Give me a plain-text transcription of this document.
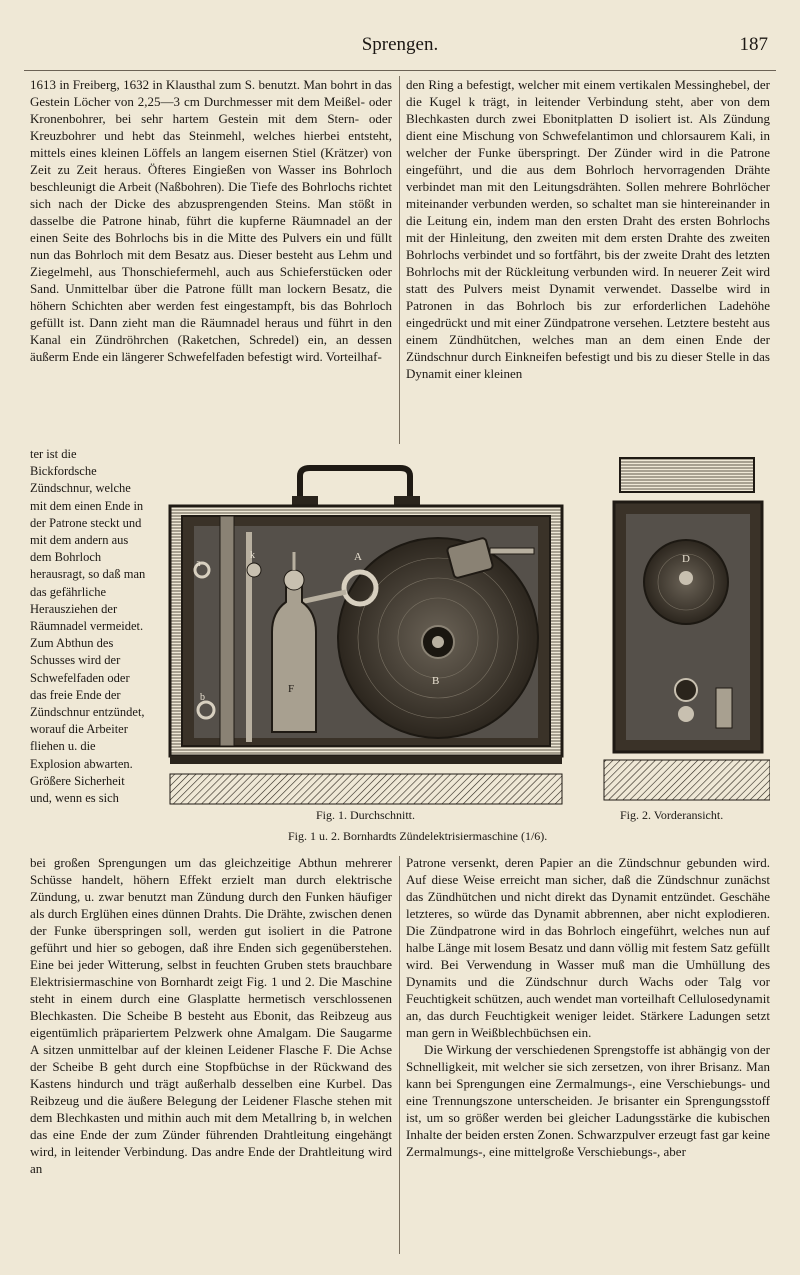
Sprengen.	187

1613 in Freiberg, 1632 in Klausthal zum S. benutzt. Man bohrt in das Gestein Löcher von 2,25—3 cm Durchmesser mit dem Meißel- oder Kronenbohrer, bei sehr hartem Gestein mit dem Stern- oder Kreuzbohrer und hebt das Steinmehl, welches hierbei entsteht, mittels eines kleinen Löffels an langem eisernen Stiel (Krätzer) von Zeit zu Zeit heraus. Öfteres Eingießen von Wasser ins Bohrloch beschleunigt die Arbeit (Naßbohren). Die Tiefe des Bohrlochs richtet sich nach der Dicke des abzusprengenden Steins. Man stößt in dasselbe die Patrone hinab, führt die kupferne Räumnadel an der einen Seite des Bohrlochs bis in die Mitte des Pulvers ein und füllt nun das Bohrloch mit dem Besatz aus. Dieser besteht aus Lehm und Ziegelmehl, aus Thonschiefermehl, auch aus Schieferstücken oder Sand. Unmittelbar über die Patrone füllt man lockern Besatz, die höhern Schichten aber werden fest eingestampft, bis das Bohrloch gefüllt ist. Dann zieht man die Räumnadel heraus und führt in den Kanal ein Zündröhrchen (Raketchen, Schredel) ein, an dessen äußerm Ende ein längerer Schwefelfaden befestigt wird. Vorteilhaf-

den Ring a befestigt, welcher mit einem vertikalen Messinghebel, der die Kugel k trägt, in leitender Verbindung steht, aber von dem Blechkasten durch zwei Ebonitplatten D isoliert ist. Als Zündung dient eine Mischung von Schwefelantimon und chlorsaurem Kali, in welcher der Funke überspringt. Der Zünder wird in die Patrone eingeführt, und die aus dem Bohrloch hervorragenden Drähte verbindet man mit den Leitungsdrähten. Sollen mehrere Bohrlöcher miteinander verbunden werden, so schaltet man sie hintereinander in die Leitung ein, indem man den ersten Draht des ersten Bohrlochs mit der Hinleitung, den zweiten mit dem ersten Drahte des zweiten Bohrlochs verbindet und so fortfährt, bis der zweite Draht des letzten Bohrlochs mit der Rückleitung verbunden wird. In neuerer Zeit wird statt des Pulvers meist Dynamit verwendet. Dasselbe wird in Patronen in das Bohrloch bis zur erforderlichen Ladehöhe eingedrückt und mit einer Zündpatrone versehen. Letztere besteht aus einem Zündhütchen, welches man an dem einen Ende der Zündschnur durch Einkneifen befestigt und bis zu dieser Stelle in das Dynamit einer kleinen

ter ist die Bickfordsche Zündschnur, welche mit dem einen Ende in der Patrone steckt und mit dem andern aus dem Bohrloch herausragt, so daß man das gefährliche Herausziehen der Räumnadel vermeidet. Zum Abthun des Schusses wird der Schwefelfaden oder das freie Ende der Zündschnur entzündet, worauf die Arbeiter fliehen u. die Explosion abwarten. Größere Sicherheit und, wenn es sich

A
B
F
a
k
b
D
Fig. 1. Durchschnitt.	Fig. 2. Vorderansicht.
Fig. 1 u. 2. Bornhardts Zündelektrisiermaschine (1/6).

bei großen Sprengungen um das gleichzeitige Abthun mehrerer Schüsse handelt, höhern Effekt erzielt man durch elektrische Zündung, u. zwar benutzt man Zündung durch den Funken häufiger als durch Erglühen eines dünnen Drahts. Die Drähte, zwischen denen der Funke überspringen soll, werden gut isoliert in die Patrone geführt und hier so gebogen, daß ihre Enden sich gegenüberstehen. Eine bei jeder Witterung, selbst in feuchten Gruben stets brauchbare Elektrisiermaschine von Bornhardt zeigt Fig. 1 und 2. Die Maschine steht in einem durch eine Glasplatte hermetisch verschlossenen Blechkasten. Die Scheibe B besteht aus Ebonit, das Reibzeug aus eigentümlich präpariertem Pelzwerk ohne Amalgam. Die Saugarme A sitzen unmittelbar auf der kleinen Leidener Flasche F. Die Achse der Scheibe B geht durch eine Stopfbüchse in der Rückwand des Kastens hindurch und trägt außerhalb desselben eine Kurbel. Das Reibzeug und die äußere Belegung der Leidener Flasche stehen mit dem Blechkasten und mithin auch mit dem Metallring b, in welchen das eine Ende der zum Zünder führenden Drahtleitung eingehängt wird, in leitender Verbindung. Das andre Ende der Drahtleitung wird an

Patrone versenkt, deren Papier an die Zündschnur gebunden wird. Auf diese Weise erreicht man sicher, daß die Zündschnur zunächst das Zündhütchen und nicht direkt das Dynamit entzündet. Geschähe letzteres, so würde das Dynamit abbrennen, aber nicht explodieren. Die Zündpatrone wird in das Bohrloch eingeführt, welches nun auf halbe Länge mit losem Besatz und dann völlig mit festem Satz gefüllt wird. Bei Verwendung in Wasser muß man die Umhüllung des Dynamits und die Zündschnur durch Wachs oder Talg vor Feuchtigkeit schützen, auch wendet man vorteilhaft Cellulosedynamit an, das durch Feuchtigkeit weniger leidet. Stärkere Ladungen setzt man gern in Weißblechbüchsen ein.

Die Wirkung der verschiedenen Sprengstoffe ist abhängig von der Schnelligkeit, mit welcher sie sich zersetzen, von ihrer Brisanz. Man kann bei Sprengungen eine Zermalmungs-, eine Verschiebungs- und eine Trennungszone unterscheiden. Je brisanter ein Sprengungsstoff ist, um so größer werden bei gleicher Ladungsstärke die kubischen Inhalte der beiden ersten Zonen. Schwarzpulver erzeugt fast gar keine Zermalmungs-, eine mittelgroße Verschiebungs-, aber
